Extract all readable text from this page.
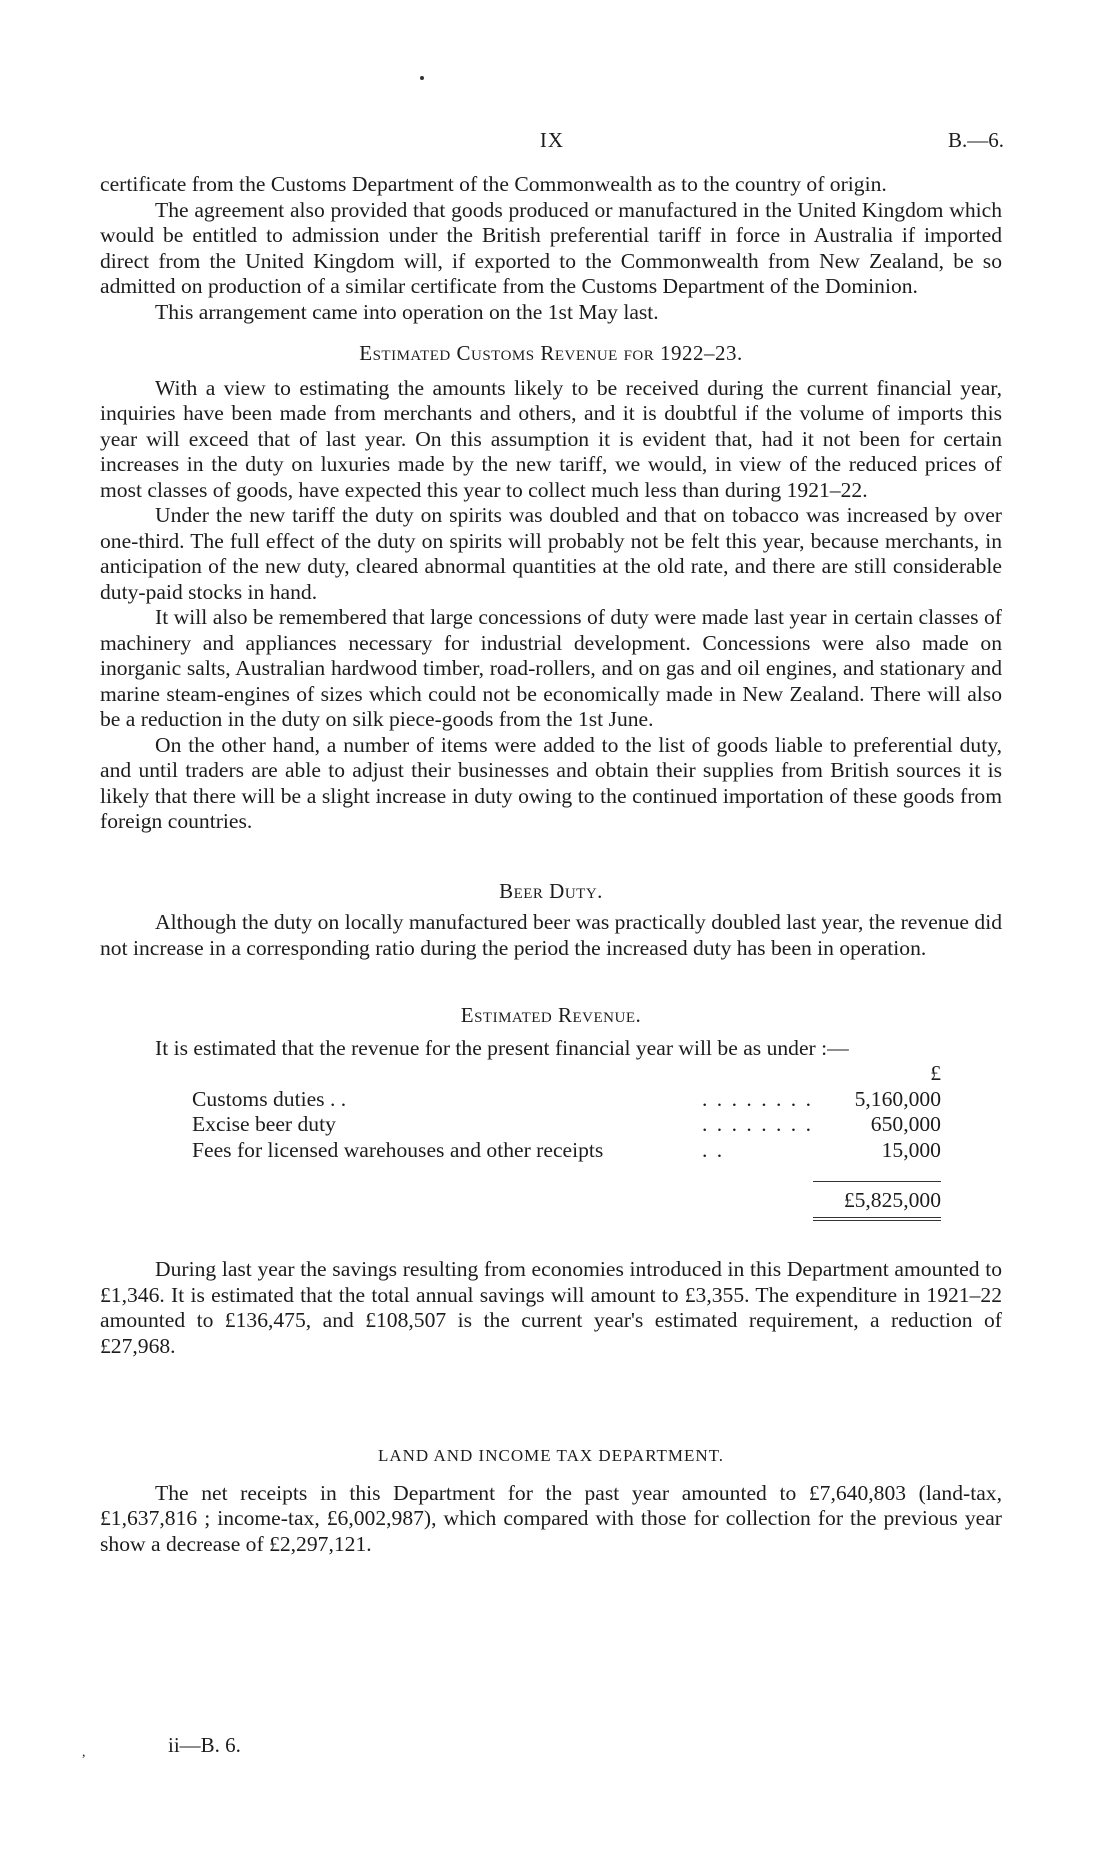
IX	B.—6.

certificate from the Customs Department of the Commonwealth as to the country of origin.

The agreement also provided that goods produced or manufactured in the United Kingdom which would be entitled to admission under the British preferential tariff in force in Australia if imported direct from the United Kingdom will, if exported to the Commonwealth from New Zealand, be so admitted on production of a similar certificate from the Customs Department of the Dominion.

This arrangement came into operation on the 1st May last.

Estimated Customs Revenue for 1922–23.

With a view to estimating the amounts likely to be received during the current financial year, inquiries have been made from merchants and others, and it is doubtful if the volume of imports this year will exceed that of last year. On this assumption it is evident that, had it not been for certain increases in the duty on luxuries made by the new tariff, we would, in view of the reduced prices of most classes of goods, have expected this year to collect much less than during 1921–22.

Under the new tariff the duty on spirits was doubled and that on tobacco was increased by over one-third. The full effect of the duty on spirits will probably not be felt this year, because merchants, in anticipation of the new duty, cleared abnormal quantities at the old rate, and there are still considerable duty-paid stocks in hand.

It will also be remembered that large concessions of duty were made last year in certain classes of machinery and appliances necessary for industrial development. Concessions were also made on inorganic salts, Australian hardwood timber, road-rollers, and on gas and oil engines, and stationary and marine steam-engines of sizes which could not be economically made in New Zealand. There will also be a reduction in the duty on silk piece-goods from the 1st June.

On the other hand, a number of items were added to the list of goods liable to preferential duty, and until traders are able to adjust their businesses and obtain their supplies from British sources it is likely that there will be a slight increase in duty owing to the continued importation of these goods from foreign countries.

Beer Duty.

Although the duty on locally manufactured beer was practically doubled last year, the revenue did not increase in a corresponding ratio during the period the increased duty has been in operation.

Estimated Revenue.

It is estimated that the revenue for the present financial year will be as under :—

		£
Customs duties . .	. . . . . . . .	5,160,000
Excise beer duty	. . . . . . . .	650,000
Fees for licensed warehouses and other receipts	. .	15,000

		£5,825,000

During last year the savings resulting from economies introduced in this Department amounted to £1,346. It is estimated that the total annual savings will amount to £3,355. The expenditure in 1921–22 amounted to £136,475, and £108,507 is the current year's estimated requirement, a reduction of £27,968.

LAND AND INCOME TAX DEPARTMENT.

The net receipts in this Department for the past year amounted to £7,640,803 (land-tax, £1,637,816 ; income-tax, £6,002,987), which compared with those for collection for the previous year show a decrease of £2,297,121.

,	ii—B. 6.
